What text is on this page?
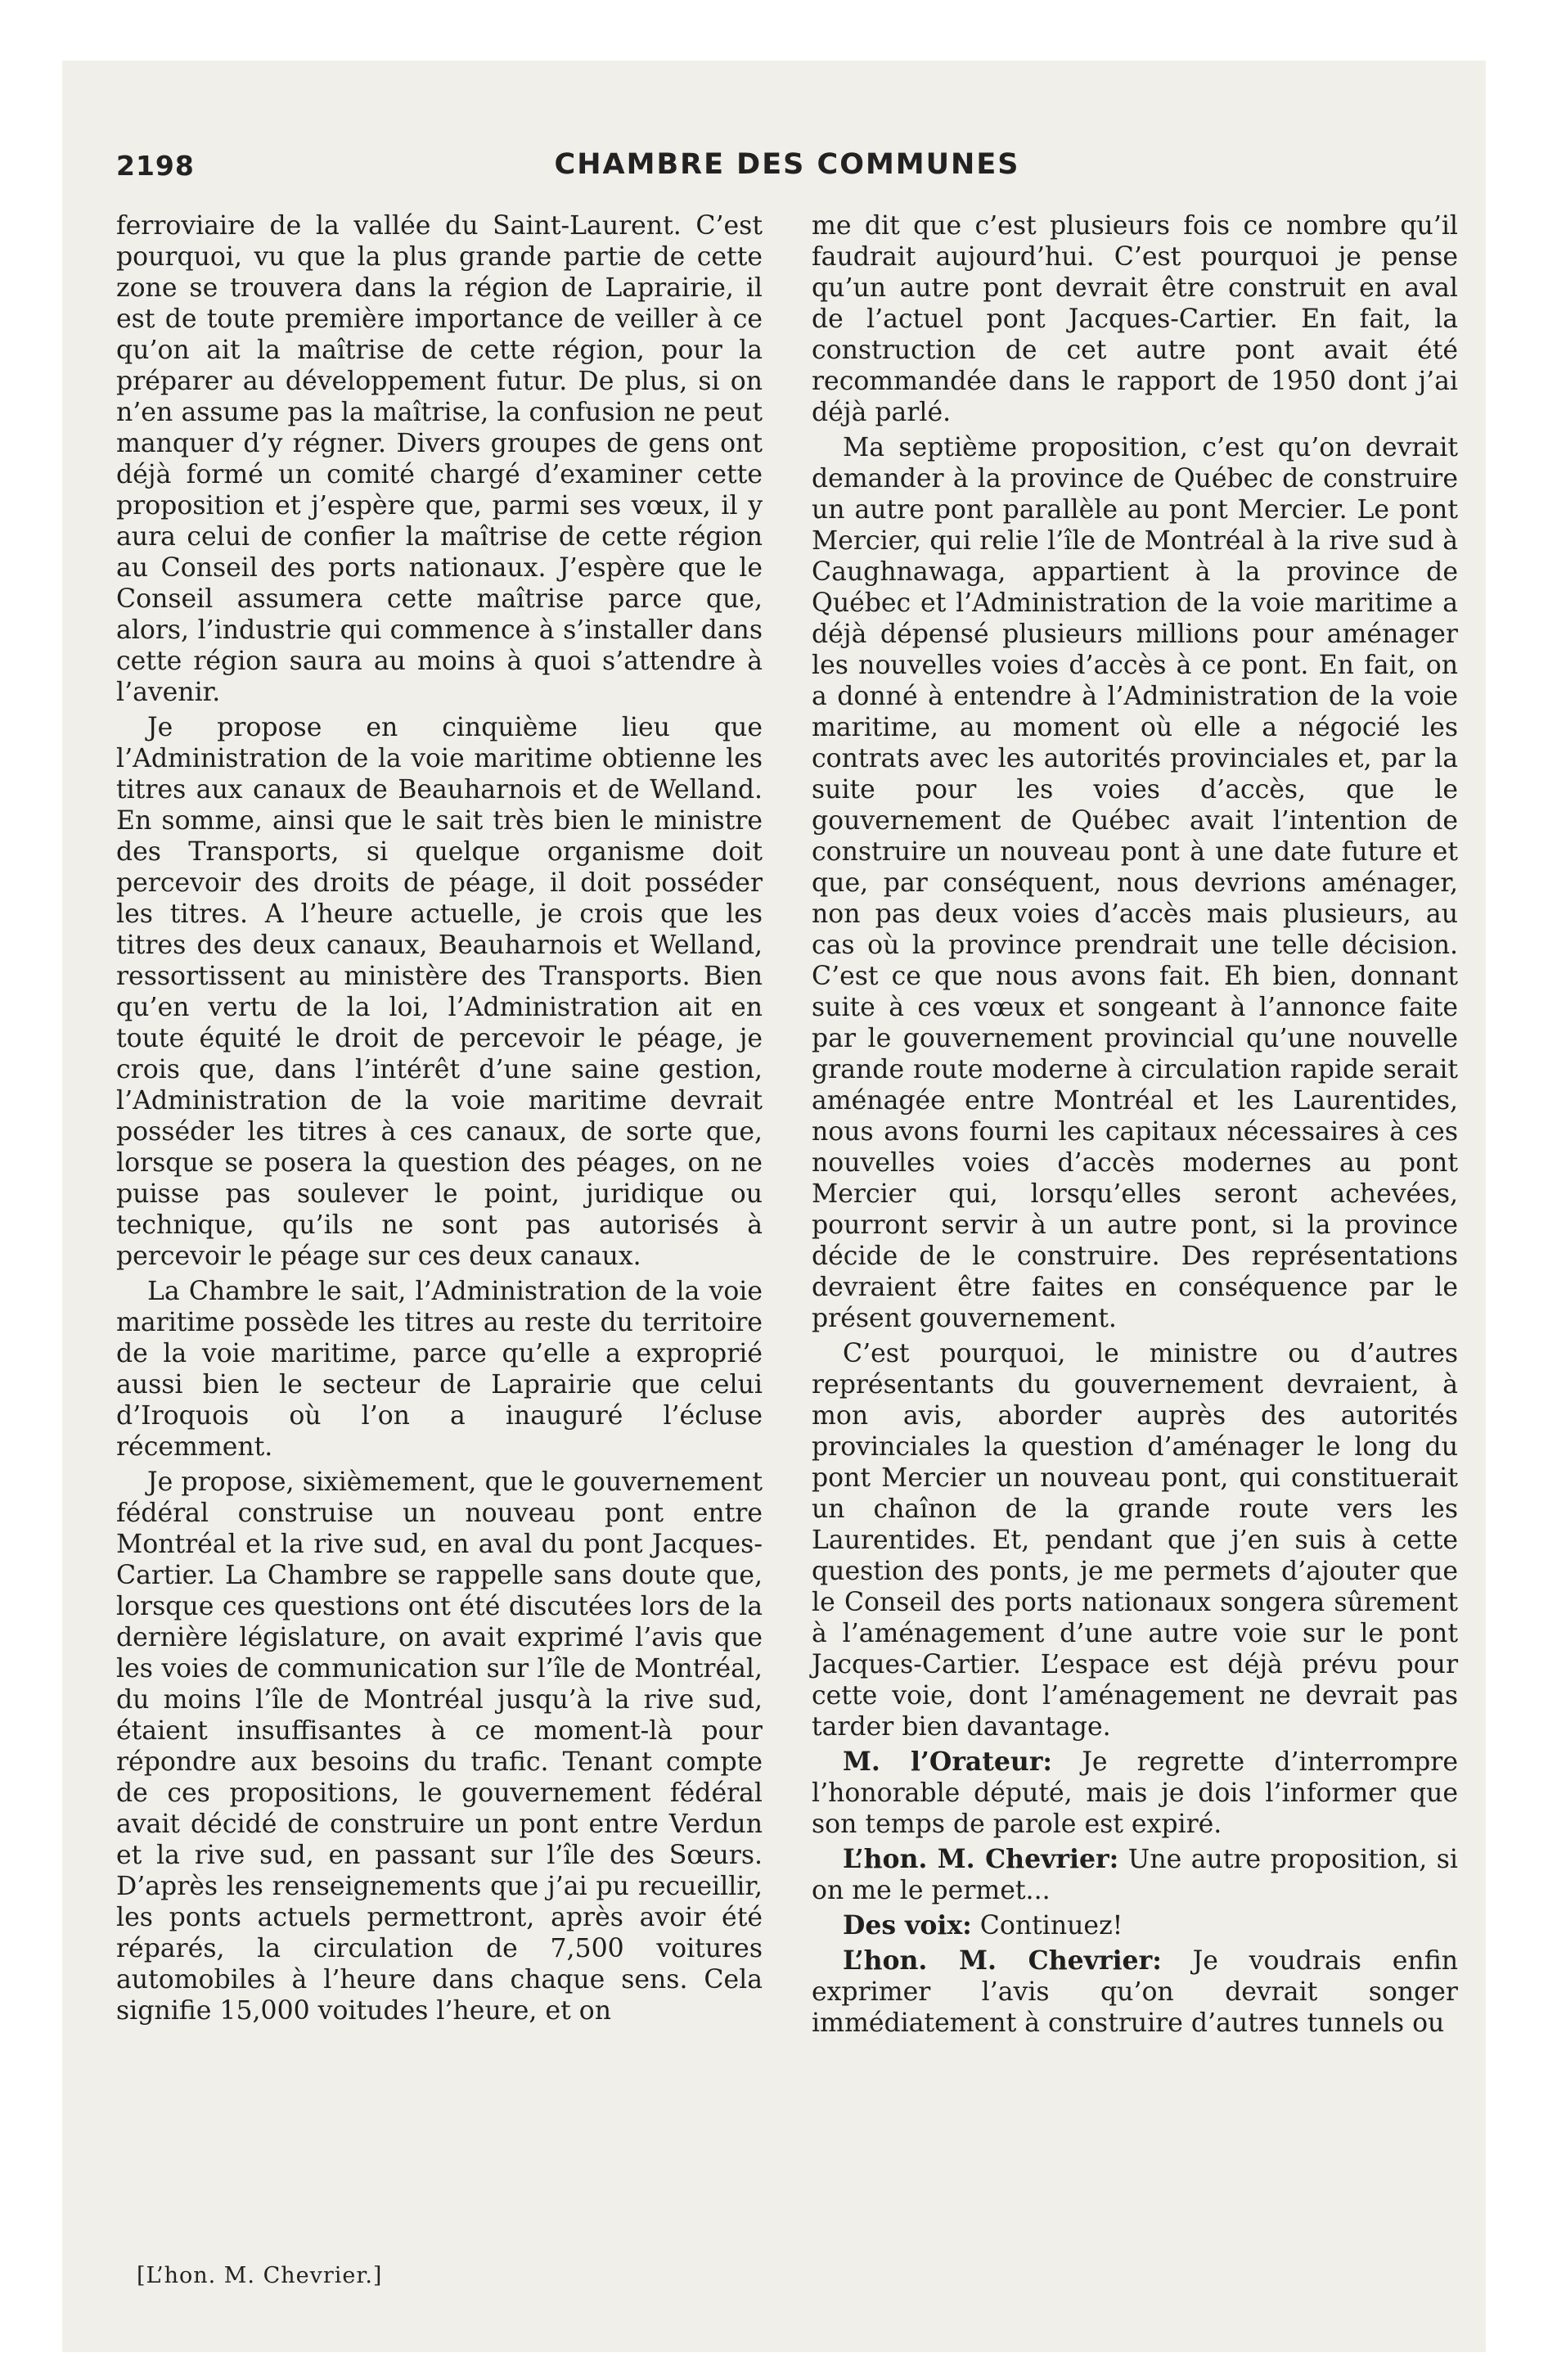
2198	CHAMBRE DES COMMUNES

ferroviaire de la vallée du Saint-Laurent. C’est pourquoi, vu que la plus grande partie de cette zone se trouvera dans la région de Laprairie, il est de toute première importance de veiller à ce qu’on ait la maîtrise de cette région, pour la préparer au développement futur. De plus, si on n’en assume pas la maîtrise, la confusion ne peut manquer d’y régner. Divers groupes de gens ont déjà formé un comité chargé d’examiner cette proposition et j’espère que, parmi ses vœux, il y aura celui de confier la maîtrise de cette région au Conseil des ports nationaux. J’espère que le Conseil assumera cette maîtrise parce que, alors, l’industrie qui commence à s’installer dans cette région saura au moins à quoi s’attendre à l’avenir.

Je propose en cinquième lieu que l’Administration de la voie maritime obtienne les titres aux canaux de Beauharnois et de Welland. En somme, ainsi que le sait très bien le ministre des Transports, si quelque organisme doit percevoir des droits de péage, il doit posséder les titres. A l’heure actuelle, je crois que les titres des deux canaux, Beauharnois et Welland, ressortissent au ministère des Transports. Bien qu’en vertu de la loi, l’Administration ait en toute équité le droit de percevoir le péage, je crois que, dans l’intérêt d’une saine gestion, l’Administration de la voie maritime devrait posséder les titres à ces canaux, de sorte que, lorsque se posera la question des péages, on ne puisse pas soulever le point, juridique ou technique, qu’ils ne sont pas autorisés à percevoir le péage sur ces deux canaux.

La Chambre le sait, l’Administration de la voie maritime possède les titres au reste du territoire de la voie maritime, parce qu’elle a exproprié aussi bien le secteur de Laprairie que celui d’Iroquois où l’on a inauguré l’écluse récemment.

Je propose, sixièmement, que le gouvernement fédéral construise un nouveau pont entre Montréal et la rive sud, en aval du pont Jacques-Cartier. La Chambre se rappelle sans doute que, lorsque ces questions ont été discutées lors de la dernière législature, on avait exprimé l’avis que les voies de communication sur l’île de Montréal, du moins l’île de Montréal jusqu’à la rive sud, étaient insuffisantes à ce moment-là pour répondre aux besoins du trafic. Tenant compte de ces propositions, le gouvernement fédéral avait décidé de construire un pont entre Verdun et la rive sud, en passant sur l’île des Sœurs. D’après les renseignements que j’ai pu recueillir, les ponts actuels permettront, après avoir été réparés, la circulation de 7,500 voitures automobiles à l’heure dans chaque sens. Cela signifie 15,000 voitudes l’heure, et on

me dit que c’est plusieurs fois ce nombre qu’il faudrait aujourd’hui. C’est pourquoi je pense qu’un autre pont devrait être construit en aval de l’actuel pont Jacques-Cartier. En fait, la construction de cet autre pont avait été recommandée dans le rapport de 1950 dont j’ai déjà parlé.

Ma septième proposition, c’est qu’on devrait demander à la province de Québec de construire un autre pont parallèle au pont Mercier. Le pont Mercier, qui relie l’île de Montréal à la rive sud à Caughnawaga, appartient à la province de Québec et l’Administration de la voie maritime a déjà dépensé plusieurs millions pour aménager les nouvelles voies d’accès à ce pont. En fait, on a donné à entendre à l’Administration de la voie maritime, au moment où elle a négocié les contrats avec les autorités provinciales et, par la suite pour les voies d’accès, que le gouvernement de Québec avait l’intention de construire un nouveau pont à une date future et que, par conséquent, nous devrions aménager, non pas deux voies d’accès mais plusieurs, au cas où la province prendrait une telle décision. C’est ce que nous avons fait. Eh bien, donnant suite à ces vœux et songeant à l’annonce faite par le gouvernement provincial qu’une nouvelle grande route moderne à circulation rapide serait aménagée entre Montréal et les Laurentides, nous avons fourni les capitaux nécessaires à ces nouvelles voies d’accès modernes au pont Mercier qui, lorsqu’elles seront achevées, pourront servir à un autre pont, si la province décide de le construire. Des représentations devraient être faites en conséquence par le présent gouvernement.

C’est pourquoi, le ministre ou d’autres représentants du gouvernement devraient, à mon avis, aborder auprès des autorités provinciales la question d’aménager le long du pont Mercier un nouveau pont, qui constituerait un chaînon de la grande route vers les Laurentides. Et, pendant que j’en suis à cette question des ponts, je me permets d’ajouter que le Conseil des ports nationaux songera sûrement à l’aménagement d’une autre voie sur le pont Jacques-Cartier. L’espace est déjà prévu pour cette voie, dont l’aménagement ne devrait pas tarder bien davantage.

M. l’Orateur: Je regrette d’interrompre l’honorable député, mais je dois l’informer que son temps de parole est expiré.

L’hon. M. Chevrier: Une autre proposition, si on me le permet...

Des voix: Continuez!

L’hon. M. Chevrier: Je voudrais enfin exprimer l’avis qu’on devrait songer immédiatement à construire d’autres tunnels ou

[L’hon. M. Chevrier.]
